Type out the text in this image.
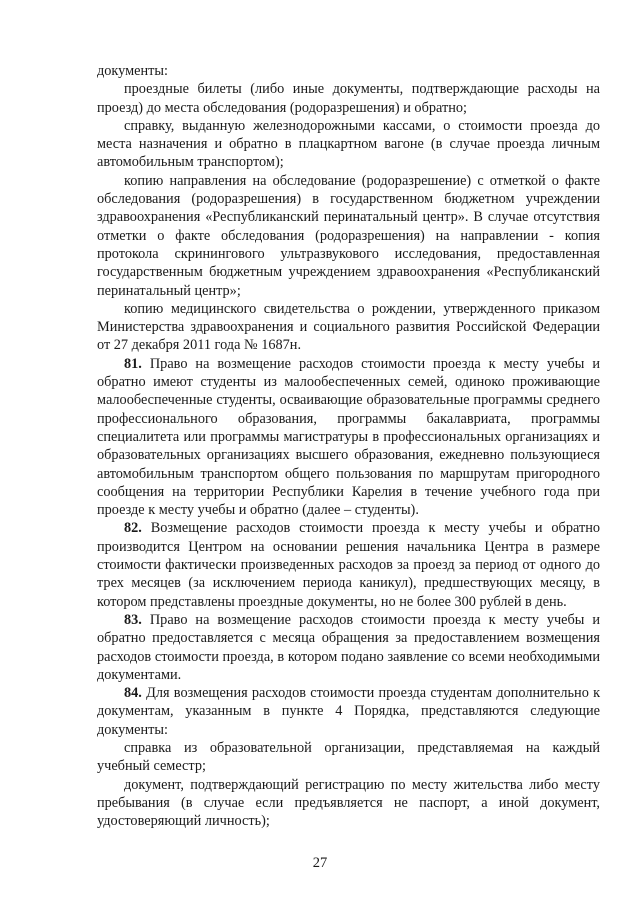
документы:

проездные билеты (либо иные документы, подтверждающие расходы на проезд) до места обследования (родоразрешения) и обратно;

справку, выданную железнодорожными кассами, о стоимости проезда до места назначения и обратно в плацкартном вагоне (в случае проезда личным автомобильным транспортом);

копию направления на обследование (родоразрешение) с отметкой о факте обследования (родоразрешения) в государственном бюджетном учреждении здравоохранения «Республиканский перинатальный центр». В случае отсутствия отметки о факте обследования (родоразрешения) на направлении - копия протокола скринингового ультразвукового исследования, предоставленная государственным бюджетным учреждением здравоохранения «Республиканский перинатальный центр»;

копию медицинского свидетельства о рождении, утвержденного приказом Министерства здравоохранения и социального развития Российской Федерации от 27 декабря 2011 года № 1687н.

81. Право на возмещение расходов стоимости проезда к месту учебы и обратно имеют студенты из малообеспеченных семей, одиноко проживающие малообеспеченные студенты, осваивающие образовательные программы среднего профессионального образования, программы бакалавриата, программы специалитета или программы магистратуры в профессиональных организациях и образовательных организациях высшего образования, ежедневно пользующиеся автомобильным транспортом общего пользования по маршрутам пригородного сообщения на территории Республики Карелия в течение учебного года при проезде к месту учебы и обратно (далее – студенты).

82. Возмещение расходов стоимости проезда к месту учебы и обратно производится Центром на основании решения начальника Центра в размере стоимости фактически произведенных расходов за проезд за период от одного до трех месяцев (за исключением периода каникул), предшествующих месяцу, в котором представлены проездные документы, но не более 300 рублей в день.

83. Право на возмещение расходов стоимости проезда к месту учебы и обратно предоставляется с месяца обращения за предоставлением возмещения расходов стоимости проезда, в котором подано заявление со всеми необходимыми документами.

84. Для возмещения расходов стоимости проезда студентам дополнительно к документам, указанным в пункте 4 Порядка, представляются следующие документы:

справка из образовательной организации, представляемая на каждый учебный семестр;

документ, подтверждающий регистрацию по месту жительства либо месту пребывания (в случае если предъявляется не паспорт, а иной документ, удостоверяющий личность);

27
